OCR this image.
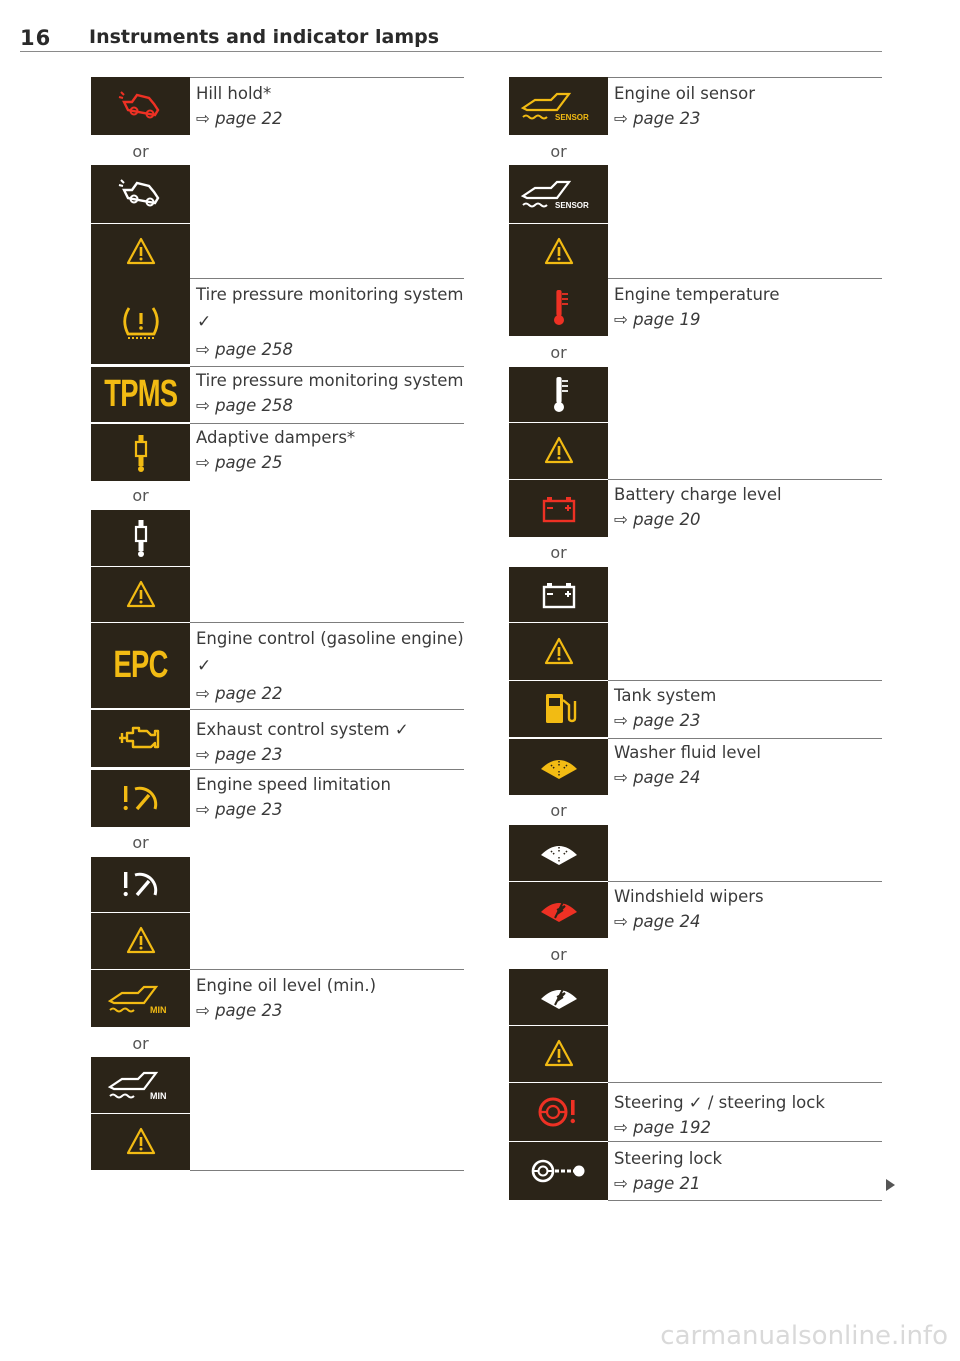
16 Instruments and indicator lamps
Hill hold*
⇨ page 22
or
Tire pressure monitoring system
✓
⇨ page 258
TPMS Tire pressure monitoring system
⇨ page 258
Adaptive dampers*
⇨ page 25
or
EPC
Engine control (gasoline engine)
✓
⇨ page 22
Exhaust control system ✓
⇨ page 23
Engine speed limitation
⇨ page 23
or
MIN
Engine oil level (min.)
⇨ page 23
or
MIN
SENSOR
Engine oil sensor
⇨ page 23
or
SENSOR
Engine temperature
⇨ page 19
or
Battery charge level
⇨ page 20
or
Tank system
⇨ page 23
Washer fluid level
⇨ page 24
or
Windshield wipers
⇨ page 24
or
Steering ✓ / steering lock
⇨ page 192
Steering lock
⇨ page 21
carmanualsonline.info
